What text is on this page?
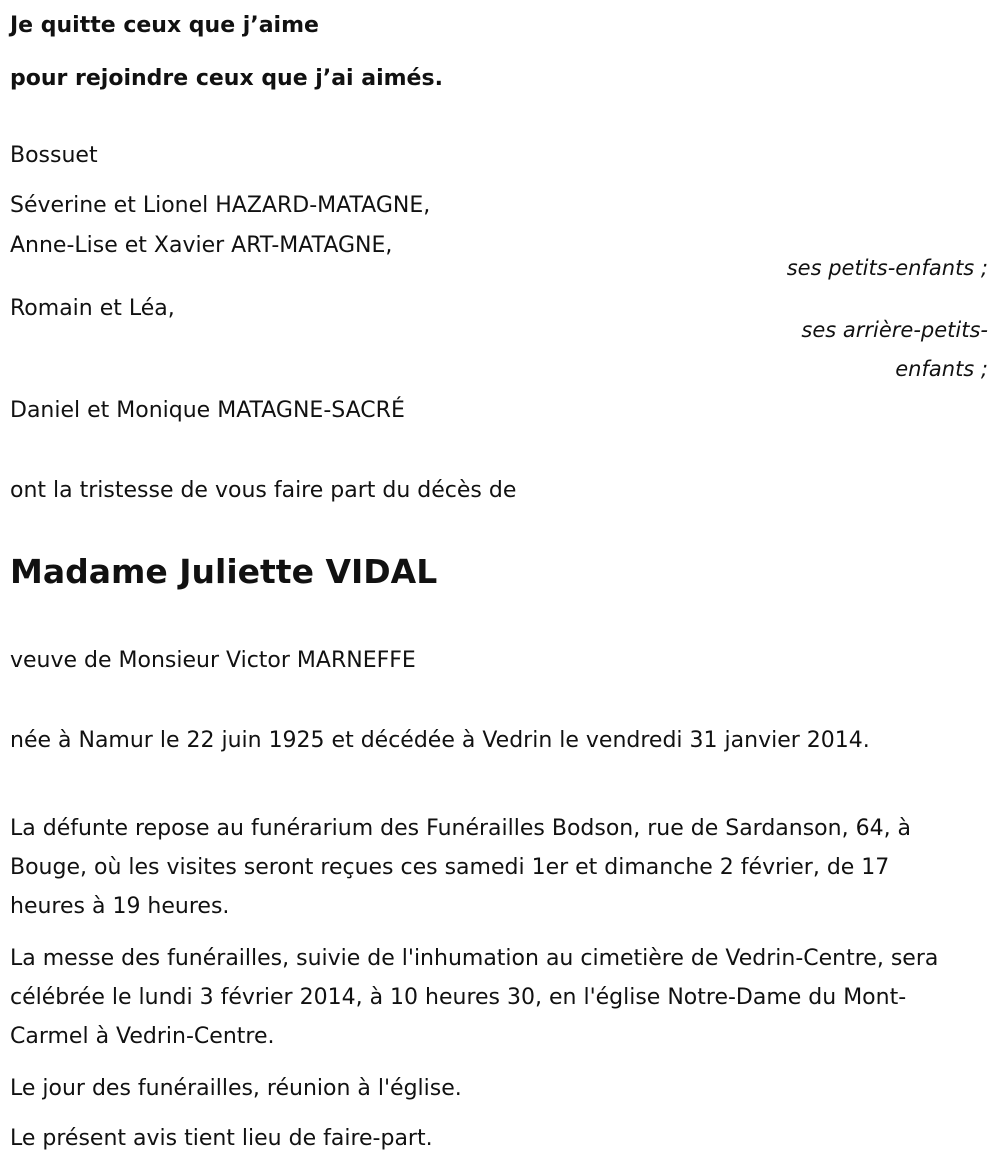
Je quitte ceux que j’aime
pour rejoindre ceux que j’ai aimés.
Bossuet
Séverine et Lionel HAZARD-MATAGNE,
Anne-Lise et Xavier ART-MATAGNE,
ses petits-enfants ;
Romain et Léa,
ses arrière-petits-enfants ;
Daniel et Monique MATAGNE-SACRÉ
ont la tristesse de vous faire part du décès de
Madame Juliette VIDAL
veuve de Monsieur Victor MARNEFFE
née à Namur le 22 juin 1925 et décédée à Vedrin le vendredi 31 janvier 2014.
La défunte repose au funérarium des Funérailles Bodson, rue de Sardanson, 64, à Bouge, où les visites seront reçues ces samedi 1er et dimanche 2 février, de 17 heures à 19 heures.
La messe des funérailles, suivie de l'inhumation au cimetière de Vedrin-Centre, sera célébrée le lundi 3 février 2014, à 10 heures 30, en l'église Notre-Dame du Mont-Carmel à Vedrin-Centre.
Le jour des funérailles, réunion à l'église.
Le présent avis tient lieu de faire-part.
